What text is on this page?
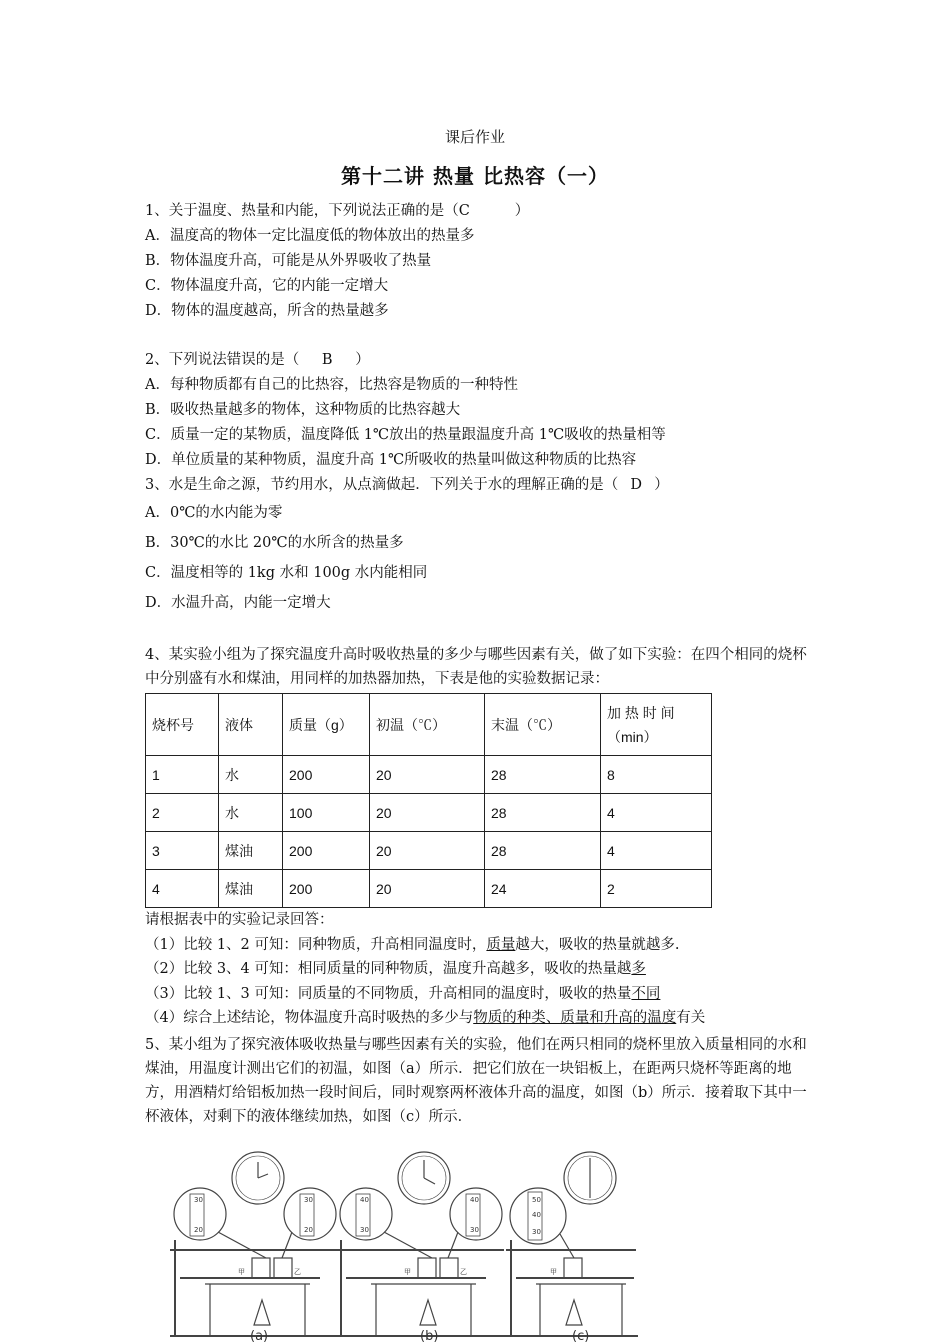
课后作业
第十二讲 热量 比热容（一）

1、关于温度、热量和内能，下列说法正确的是（C	）

A．温度高的物体一定比温度低的物体放出的热量多

B．物体温度升高，可能是从外界吸收了热量

C．物体温度升高，它的内能一定增大

D．物体的温度越高，所含的热量越多

2、下列说法错误的是（ B ）

A．每种物质都有自己的比热容，比热容是物质的一种特性

B．吸收热量越多的物体，这种物质的比热容越大

C．质量一定的某物质，温度降低 1℃放出的热量跟温度升高 1℃吸收的热量相等

D．单位质量的某种物质，温度升高 1℃所吸收的热量叫做这种物质的比热容

3、水是生命之源，节约用水，从点滴做起．下列关于水的理解正确的是（ D ）

A．0℃的水内能为零

B．30℃的水比 20℃的水所含的热量多

C．温度相等的 1kg 水和 100g 水内能相同

D．水温升高，内能一定增大

4、某实验小组为了探究温度升高时吸收热量的多少与哪些因素有关，做了如下实验：在四个相同的烧杯中分别盛有水和煤油，用同样的加热器加热，下表是他的实验数据记录：

烧杯号	液体	质量（g）	初温（℃）	末温（℃）	加 热 时 间（min）
1	水	200	20	28	8
2	水	100	20	28	4
3	煤油	200	20	28	4
4	煤油	200	20	24	2

请根据表中的实验记录回答：

（1）比较 1、2 可知：同种物质，升高相同温度时，质量越大，吸收的热量就越多.

（2）比较 3、4 可知：相同质量的同种物质，温度升高越多，吸收的热量越多

（3）比较 1、3 可知：同质量的不同物质，升高相同的温度时，吸收的热量不同

（4）综合上述结论，物体温度升高时吸热的多少与物质的种类、质量和升高的温度有关

5、某小组为了探究液体吸收热量与哪些因素有关的实验，他们在两只相同的烧杯里放入质量相同的水和煤油，用温度计测出它们的初温，如图（a）所示．把它们放在一块铝板上，在距两只烧杯等距离的地方，用酒精灯给铝板加热一段时间后，同时观察两杯液体升高的温度，如图（b）所示．接着取下其中一杯液体，对剩下的液体继续加热，如图（c）所示．

30
20
30
20
40
30
40
30
50
40
30
甲	乙	甲	乙	甲
(a)	(b)	(c)
